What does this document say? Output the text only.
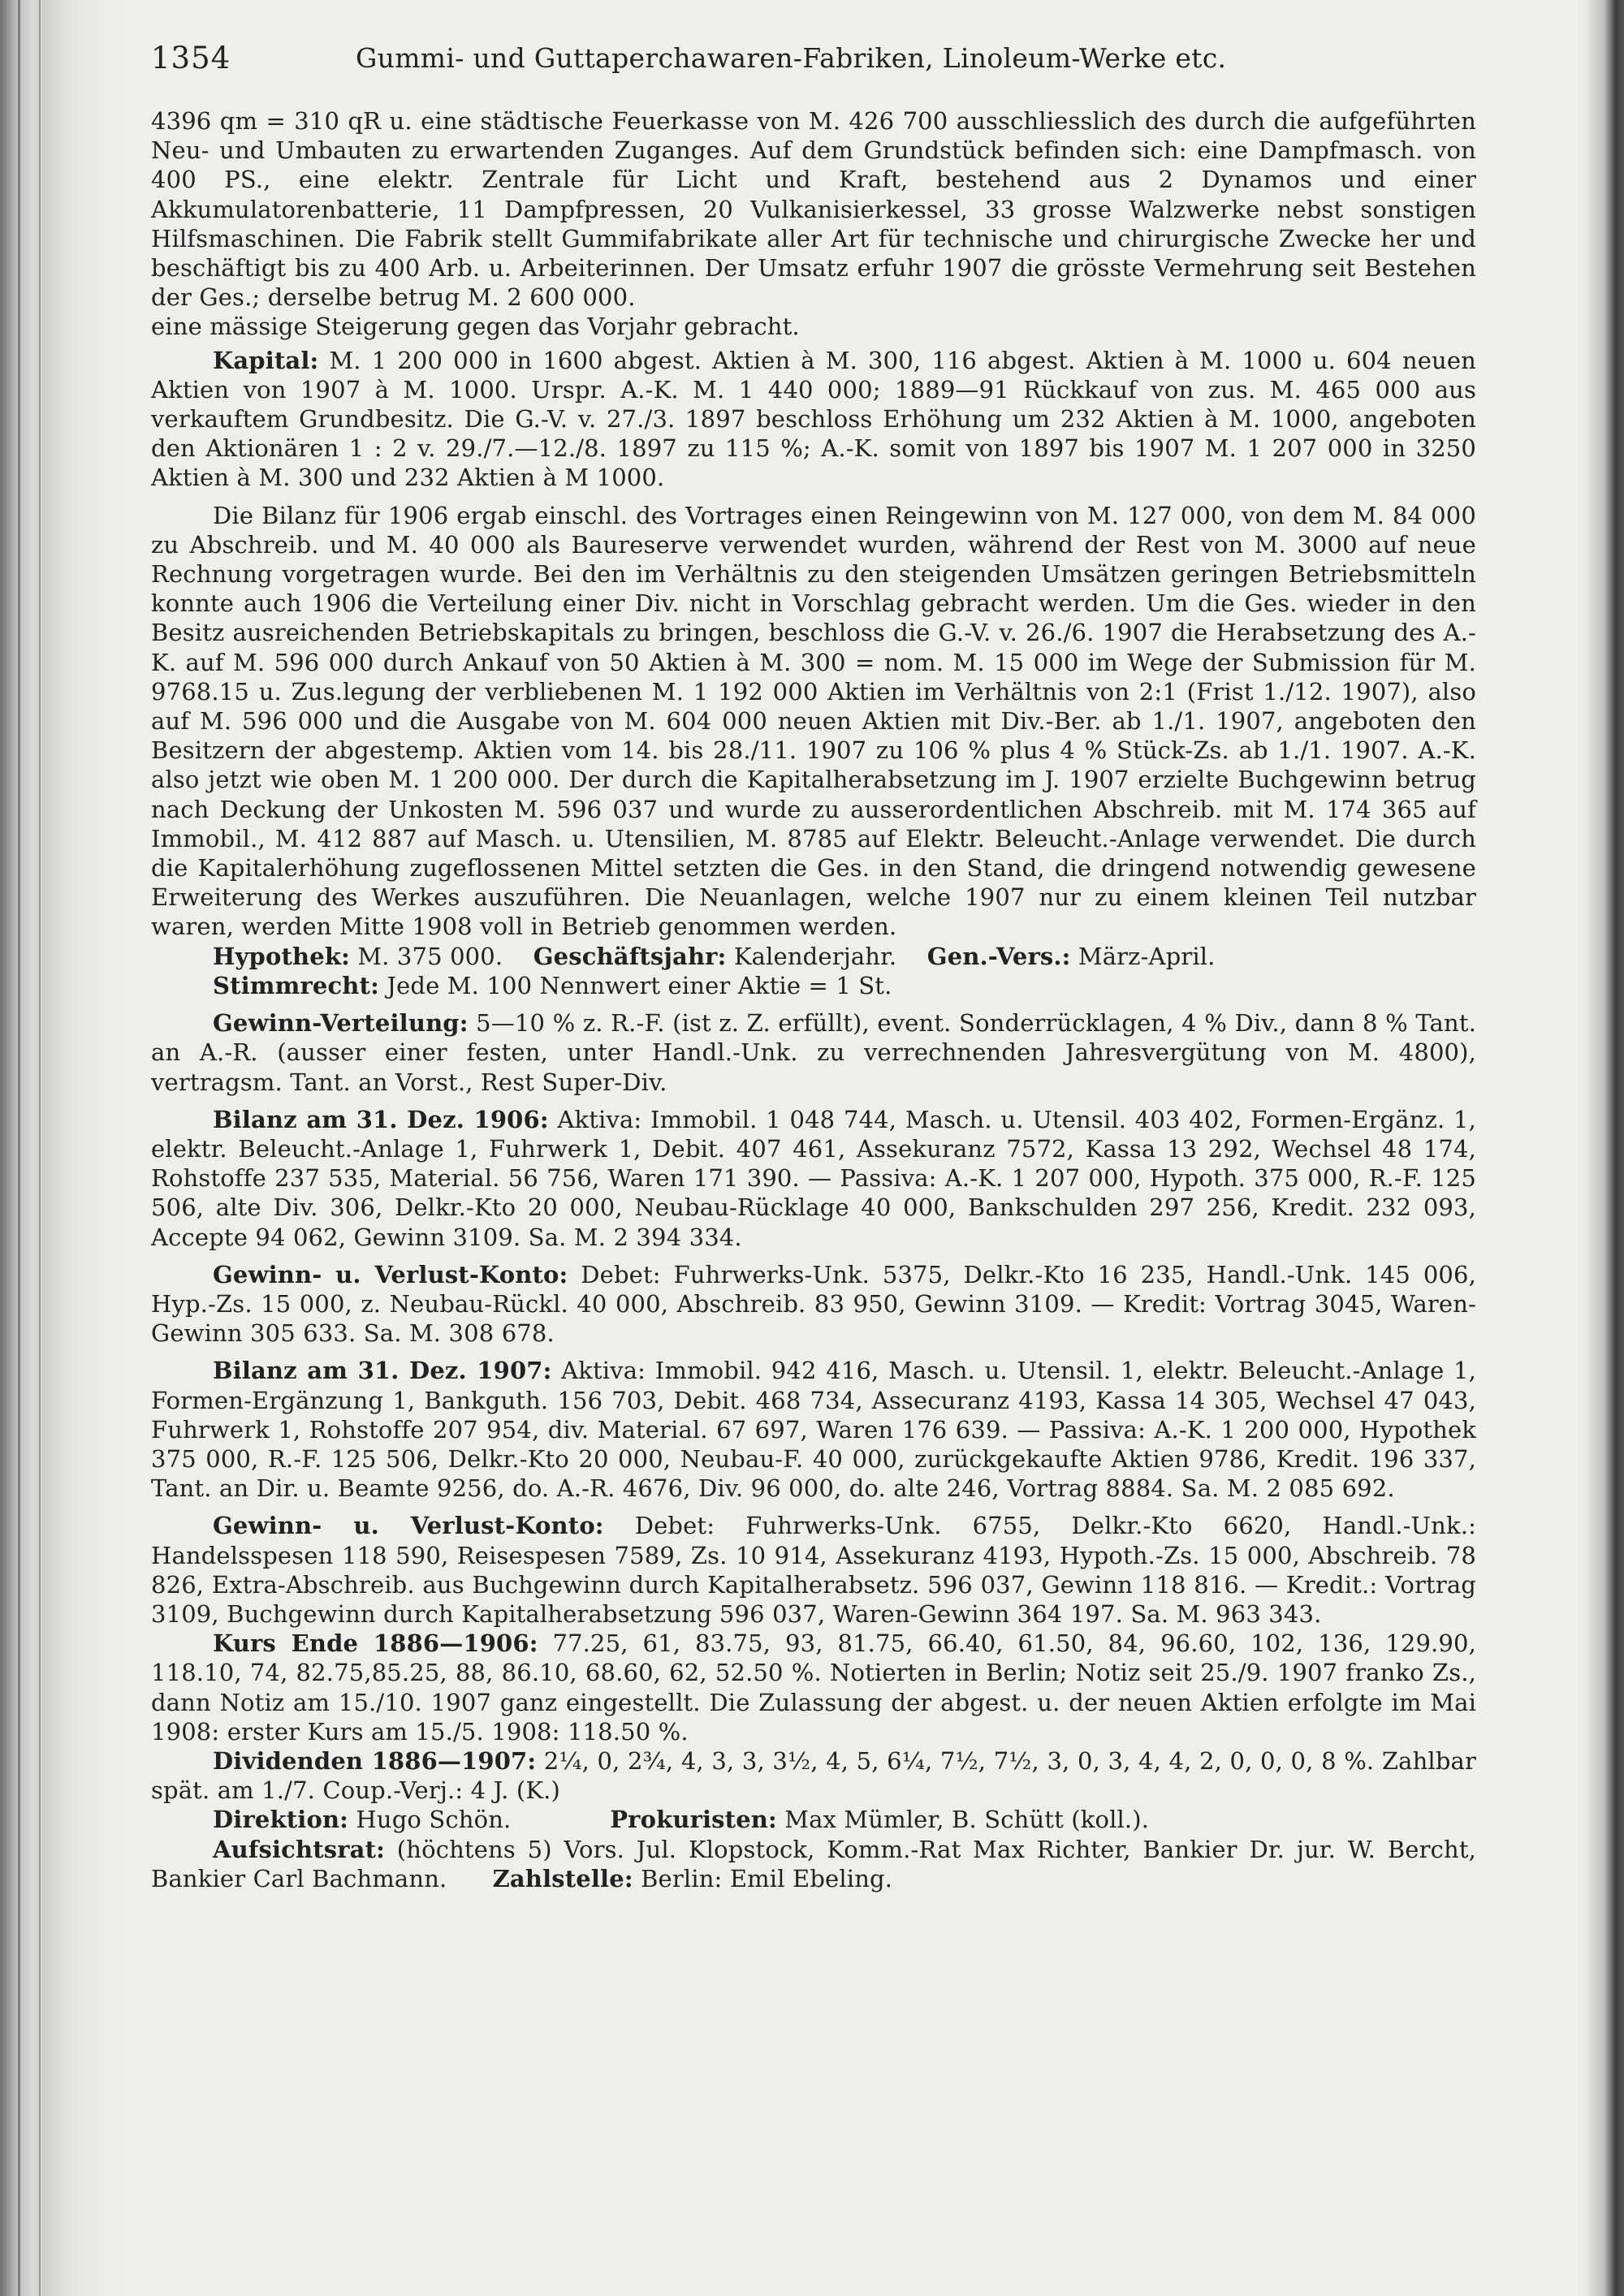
1354	Gummi- und Guttaperchawaren-Fabriken, Linoleum-Werke etc.

4396 qm = 310 qR u. eine städtische Feuerkasse von M. 426 700 ausschliesslich des durch die aufgeführten Neu- und Umbauten zu erwartenden Zuganges. Auf dem Grundstück befinden sich: eine Dampfmasch. von 400 PS., eine elektr. Zentrale für Licht und Kraft, bestehend aus 2 Dynamos und einer Akkumulatorenbatterie, 11 Dampfpressen, 20 Vulkanisierkessel, 33 grosse Walzwerke nebst sonstigen Hilfsmaschinen. Die Fabrik stellt Gummifabrikate aller Art für technische und chirurgische Zwecke her und beschäftigt bis zu 400 Arb. u. Arbeiterinnen. Der Umsatz erfuhr 1907 die grösste Vermehrung seit Bestehen der Ges.; derselbe betrug M. 2 600 000.

eine mässige Steigerung gegen das Vorjahr gebracht.

Kapital: M. 1 200 000 in 1600 abgest. Aktien à M. 300, 116 abgest. Aktien à M. 1000 u. 604 neuen Aktien von 1907 à M. 1000. Urspr. A.-K. M. 1 440 000; 1889—91 Rückkauf von zus. M. 465 000 aus verkauftem Grundbesitz. Die G.-V. v. 27./3. 1897 beschloss Erhöhung um 232 Aktien à M. 1000, angeboten den Aktionären 1 : 2 v. 29./7.—12./8. 1897 zu 115 %; A.-K. somit von 1897 bis 1907 M. 1 207 000 in 3250 Aktien à M. 300 und 232 Aktien à M 1000.

Die Bilanz für 1906 ergab einschl. des Vortrages einen Reingewinn von M. 127 000, von dem M. 84 000 zu Abschreib. und M. 40 000 als Baureserve verwendet wurden, während der Rest von M. 3000 auf neue Rechnung vorgetragen wurde. Bei den im Verhältnis zu den steigenden Umsätzen geringen Betriebsmitteln konnte auch 1906 die Verteilung einer Div. nicht in Vorschlag gebracht werden. Um die Ges. wieder in den Besitz ausreichenden Betriebskapitals zu bringen, beschloss die G.-V. v. 26./6. 1907 die Herabsetzung des A.-K. auf M. 596 000 durch Ankauf von 50 Aktien à M. 300 = nom. M. 15 000 im Wege der Submission für M. 9768.15 u. Zus.legung der verbliebenen M. 1 192 000 Aktien im Verhältnis von 2:1 (Frist 1./12. 1907), also auf M. 596 000 und die Ausgabe von M. 604 000 neuen Aktien mit Div.-Ber. ab 1./1. 1907, angeboten den Besitzern der abgestemp. Aktien vom 14. bis 28./11. 1907 zu 106 % plus 4 % Stück-Zs. ab 1./1. 1907. A.-K. also jetzt wie oben M. 1 200 000. Der durch die Kapitalherabsetzung im J. 1907 erzielte Buchgewinn betrug nach Deckung der Unkosten M. 596 037 und wurde zu ausserordentlichen Abschreib. mit M. 174 365 auf Immobil., M. 412 887 auf Masch. u. Utensilien, M. 8785 auf Elektr. Beleucht.-Anlage verwendet. Die durch die Kapitalerhöhung zugeflossenen Mittel setzten die Ges. in den Stand, die dringend notwendig gewesene Erweiterung des Werkes auszuführen. Die Neuanlagen, welche 1907 nur zu einem kleinen Teil nutzbar waren, werden Mitte 1908 voll in Betrieb genommen werden.

Hypothek: M. 375 000. Geschäftsjahr: Kalenderjahr. Gen.-Vers.: März-April.

Stimmrecht: Jede M. 100 Nennwert einer Aktie = 1 St.

Gewinn-Verteilung: 5—10 % z. R.-F. (ist z. Z. erfüllt), event. Sonderrücklagen, 4 % Div., dann 8 % Tant. an A.-R. (ausser einer festen, unter Handl.-Unk. zu verrechnenden Jahresvergütung von M. 4800), vertragsm. Tant. an Vorst., Rest Super-Div.

Bilanz am 31. Dez. 1906: Aktiva: Immobil. 1 048 744, Masch. u. Utensil. 403 402, Formen-Ergänz. 1, elektr. Beleucht.-Anlage 1, Fuhrwerk 1, Debit. 407 461, Assekuranz 7572, Kassa 13 292, Wechsel 48 174, Rohstoffe 237 535, Material. 56 756, Waren 171 390. — Passiva: A.-K. 1 207 000, Hypoth. 375 000, R.-F. 125 506, alte Div. 306, Delkr.-Kto 20 000, Neubau-Rücklage 40 000, Bankschulden 297 256, Kredit. 232 093, Accepte 94 062, Gewinn 3109. Sa. M. 2 394 334.

Gewinn- u. Verlust-Konto: Debet: Fuhrwerks-Unk. 5375, Delkr.-Kto 16 235, Handl.-Unk. 145 006, Hyp.-Zs. 15 000, z. Neubau-Rückl. 40 000, Abschreib. 83 950, Gewinn 3109. — Kredit: Vortrag 3045, Waren-Gewinn 305 633. Sa. M. 308 678.

Bilanz am 31. Dez. 1907: Aktiva: Immobil. 942 416, Masch. u. Utensil. 1, elektr. Beleucht.-Anlage 1, Formen-Ergänzung 1, Bankguth. 156 703, Debit. 468 734, Assecuranz 4193, Kassa 14 305, Wechsel 47 043, Fuhrwerk 1, Rohstoffe 207 954, div. Material. 67 697, Waren 176 639. — Passiva: A.-K. 1 200 000, Hypothek 375 000, R.-F. 125 506, Delkr.-Kto 20 000, Neubau-F. 40 000, zurückgekaufte Aktien 9786, Kredit. 196 337, Tant. an Dir. u. Beamte 9256, do. A.-R. 4676, Div. 96 000, do. alte 246, Vortrag 8884. Sa. M. 2 085 692.

Gewinn- u. Verlust-Konto: Debet: Fuhrwerks-Unk. 6755, Delkr.-Kto 6620, Handl.-Unk.: Handelsspesen 118 590, Reisespesen 7589, Zs. 10 914, Assekuranz 4193, Hypoth.-Zs. 15 000, Abschreib. 78 826, Extra-Abschreib. aus Buchgewinn durch Kapitalherabsetz. 596 037, Gewinn 118 816. — Kredit.: Vortrag 3109, Buchgewinn durch Kapitalherabsetzung 596 037, Waren-Gewinn 364 197. Sa. M. 963 343.

Kurs Ende 1886—1906: 77.25, 61, 83.75, 93, 81.75, 66.40, 61.50, 84, 96.60, 102, 136, 129.90, 118.10, 74, 82.75,85.25, 88, 86.10, 68.60, 62, 52.50 %. Notierten in Berlin; Notiz seit 25./9. 1907 franko Zs., dann Notiz am 15./10. 1907 ganz eingestellt. Die Zulassung der abgest. u. der neuen Aktien erfolgte im Mai 1908: erster Kurs am 15./5. 1908: 118.50 %.

Dividenden 1886—1907: 2¼, 0, 2¾, 4, 3, 3, 3½, 4, 5, 6¼, 7½, 7½, 3, 0, 3, 4, 4, 2, 0, 0, 0, 8 %. Zahlbar spät. am 1./7. Coup.-Verj.: 4 J. (K.)

Direktion: Hugo Schön.	Prokuristen: Max Mümler, B. Schütt (koll.).

Aufsichtsrat: (höchtens 5) Vors. Jul. Klopstock, Komm.-Rat Max Richter, Bankier Dr. jur. W. Bercht, Bankier Carl Bachmann. Zahlstelle: Berlin: Emil Ebeling.
